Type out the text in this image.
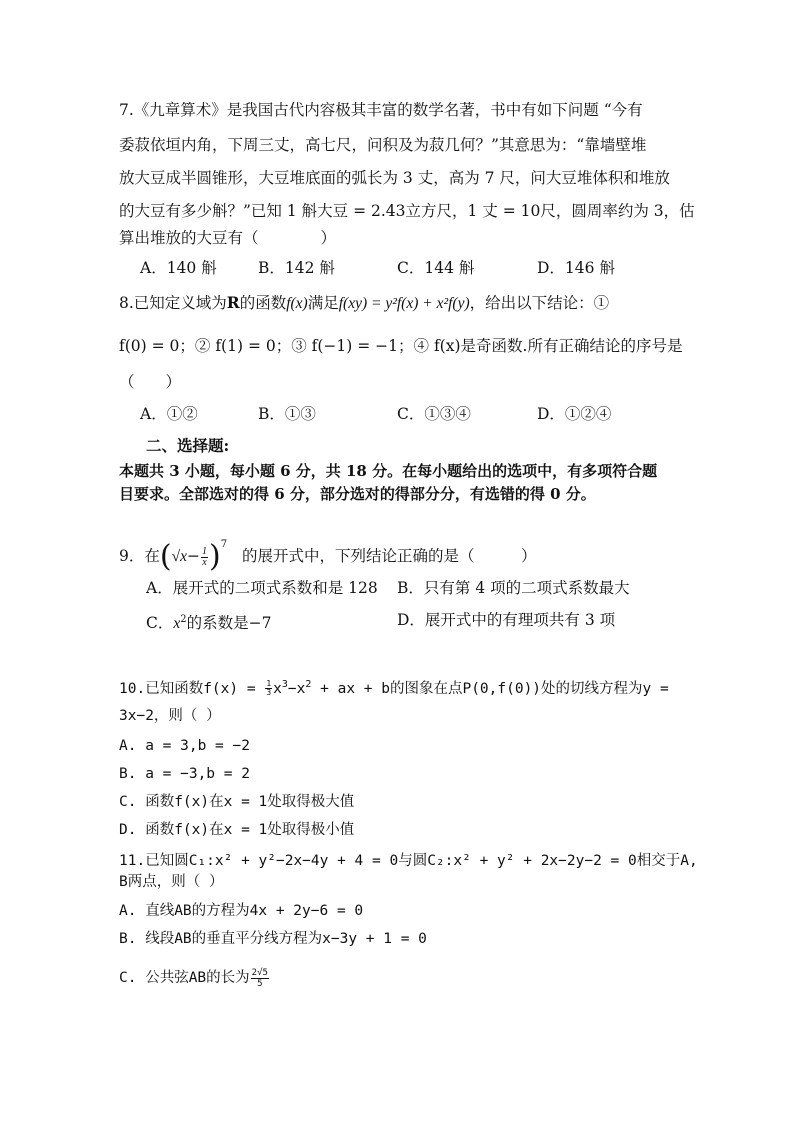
7.《九章算术》是我国古代内容极其丰富的数学名著，书中有如下问题 “今有
委菽依垣内角，下周三丈，高七尺，问积及为菽几何？”其意思为：“靠墙壁堆
放大豆成半圆锥形，大豆堆底面的弧长为 3 丈，高为 7 尺，问大豆堆体积和堆放
的大豆有多少斛？”已知 1 斛大豆 = 2.43立方尺，1 丈 = 10尺，圆周率约为 3，估
算出堆放的大豆有（　　　　）
A．140 斛	B．142 斛	C．144 斛	D．146 斛
8.已知定义域为R的函数f(x)满足f(xy) = y²f(x) + x²f(y)，给出以下结论：①
f(0) = 0；② f(1) = 0；③ f(−1) = −1；④ f(x)是奇函数.所有正确结论的序号是
（　　）
A．①②	B．①③	C．①③④	D．①②④
二、选择题:
本题共 3 小题，每小题 6 分，共 18 分。在每小题给出的选项中，有多项符合题
目要求。全部选对的得 6 分，部分选对的得部分分，有选错的得 0 分。
9．在$(√x- \frac{1}{x} )^7$ 的展开式中，下列结论正确的是（　　　）
A．展开式的二项式系数和是 128 B．只有第 4 项的二项式系数最大
C．$x^2$的系数是−7	D．展开式中的有理项共有 3 项
10.已知函数$f(x) = \frac{1}{3} x^3-x^2$ + ax + b的图象在点P(0,f(0))处的切线方程为y =
3x−2，则（ ）
A. a = 3,b = −2
B. a = −3,b = 2
C. 函数f(x)在x = 1处取得极大值
D. 函数f(x)在x = 1处取得极小值
11.已知圆C₁:x² + y²−2x−4y + 4 = 0与圆C₂:x² + y² + 2x−2y−2 = 0相交于A,
B两点，则（ ）
A. 直线AB的方程为4x + 2y−6 = 0
B. 线段AB的垂直平分线方程为x−3y + 1 = 0
C. 公共弦AB的长为 $\frac{2√5}{5}$
